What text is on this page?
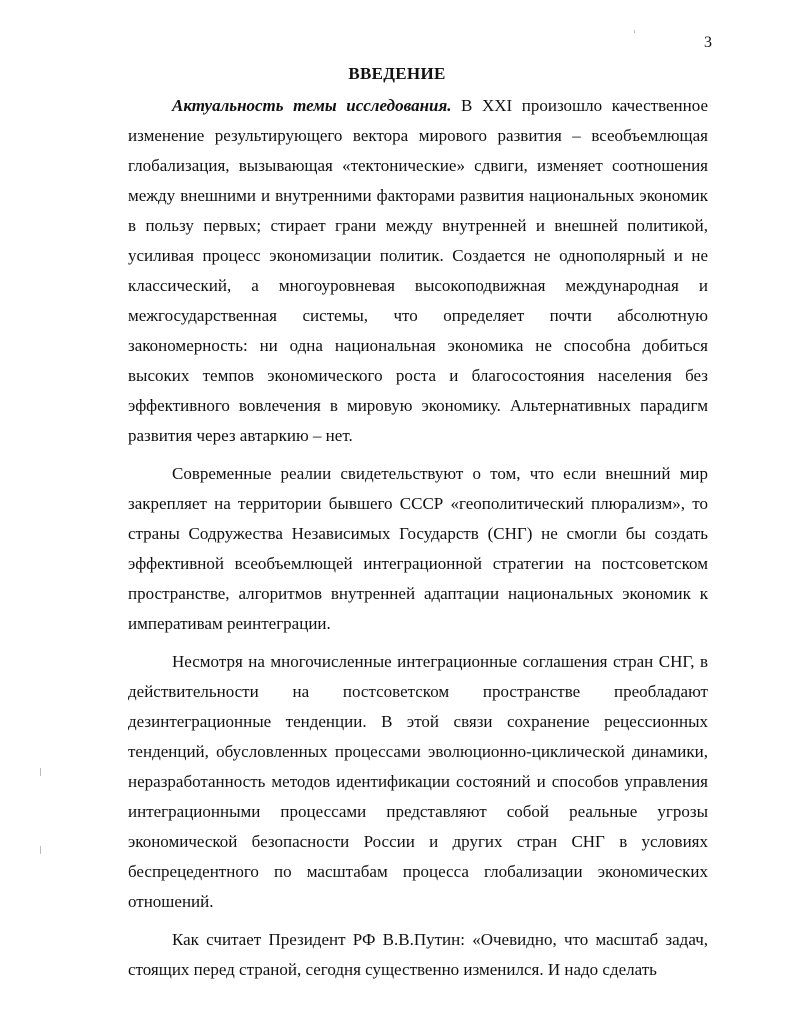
3
ВВЕДЕНИЕ

Актуальность темы исследования. В XXI произошло качественное изменение результирующего вектора мирового развития – всеобъемлющая глобализация, вызывающая «тектонические» сдвиги, изменяет соотношения между внешними и внутренними факторами развития национальных экономик в пользу первых; стирает грани между внутренней и внешней политикой, усиливая процесс экономизации политик. Создается не однополярный и не классический, а многоуровневая высокоподвижная международная и межгосударственная системы, что определяет почти абсолютную закономерность: ни одна национальная экономика не способна добиться высоких темпов экономического роста и благосостояния населения без эффективного вовлечения в мировую экономику. Альтернативных парадигм развития через автаркию – нет.

Современные реалии свидетельствуют о том, что если внешний мир закрепляет на территории бывшего СССР «геополитический плюрализм», то страны Содружества Независимых Государств (СНГ) не смогли бы создать эффективной всеобъемлющей интеграционной стратегии на постсоветском пространстве, алгоритмов внутренней адаптации национальных экономик к императивам реинтеграции.

Несмотря на многочисленные интеграционные соглашения стран СНГ, в действительности на постсоветском пространстве преобладают дезинтеграционные тенденции. В этой связи сохранение рецессионных тенденций, обусловленных процессами эволюционно-циклической динамики, неразработанность методов идентификации состояний и способов управления интеграционными процессами представляют собой реальные угрозы экономической безопасности России и других стран СНГ в условиях беспрецедентного по масштабам процесса глобализации экономических отношений.

Как считает Президент РФ В.В.Путин: «Очевидно, что масштаб задач, стоящих перед страной, сегодня существенно изменился. И надо сделать
